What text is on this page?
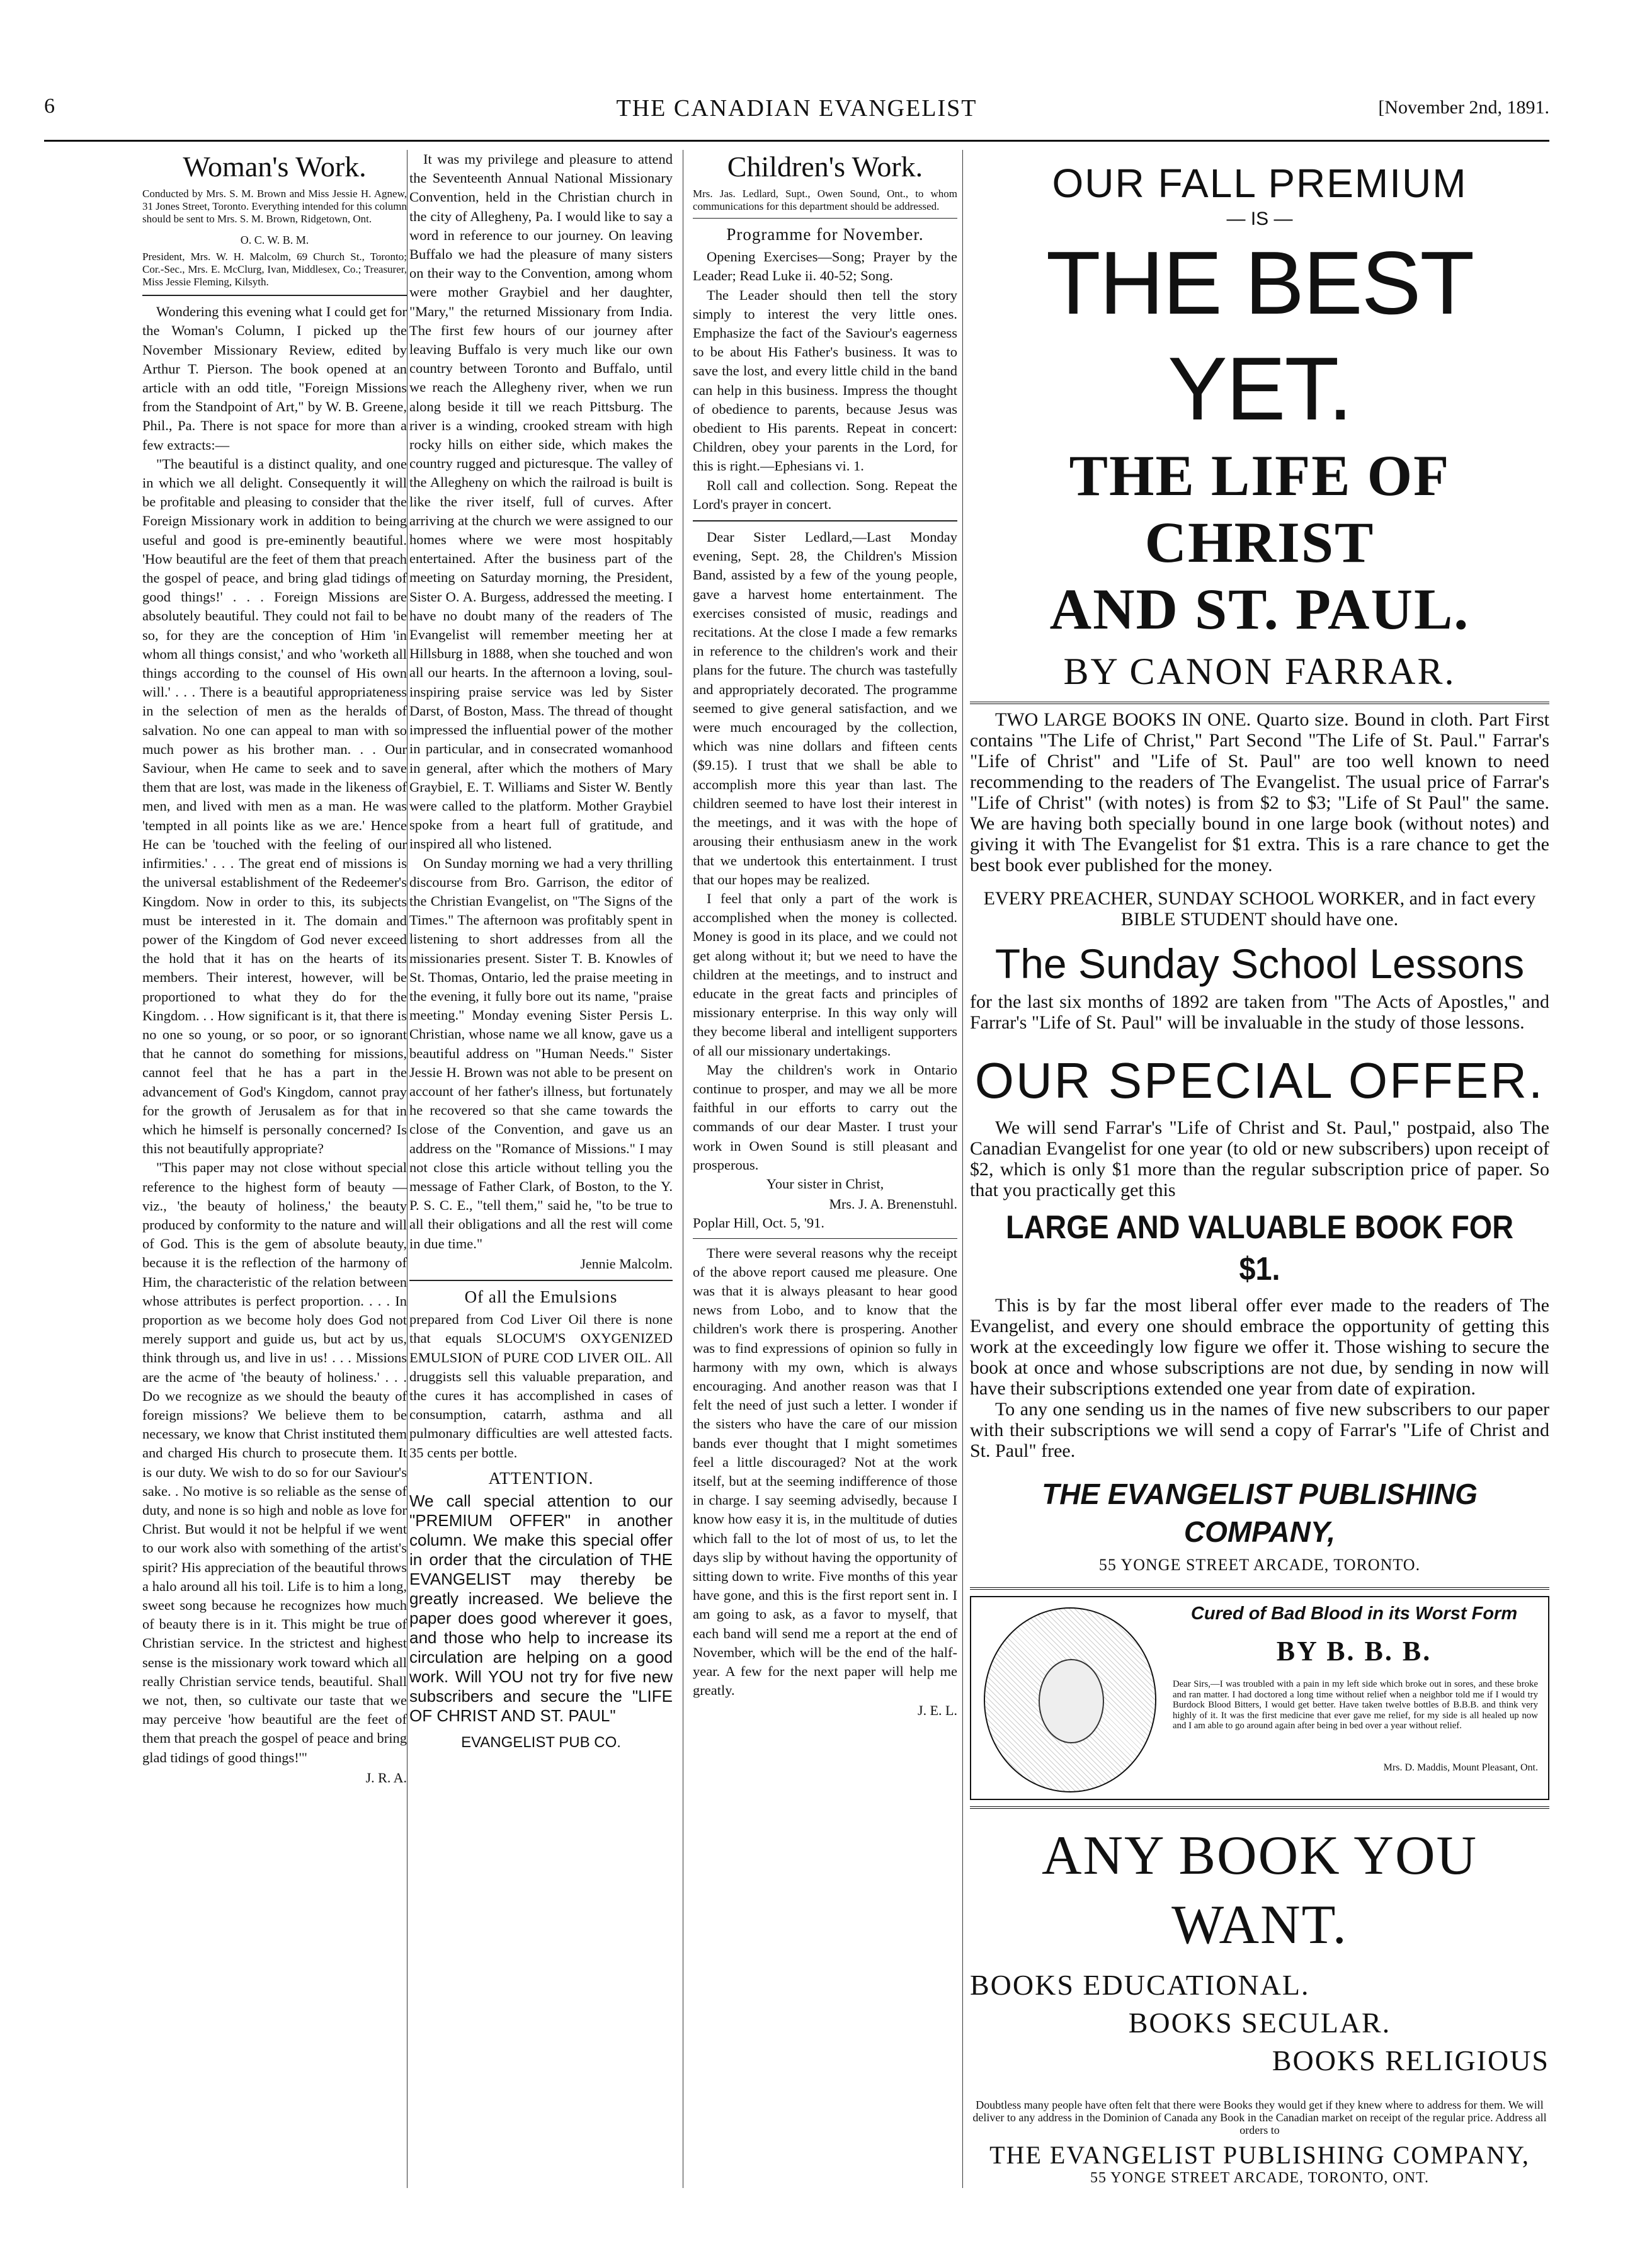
6	THE CANADIAN EVANGELIST	[November 2nd, 1891.
Woman's Work.
Conducted by Mrs. S. M. Brown and Miss Jessie H. Agnew, 31 Jones Street, Toronto. Everything intended for this column should be sent to Mrs. S. M. Brown, Ridgetown, Ont.
O. C. W. B. M.
President, Mrs. W. H. Malcolm, 69 Church St., Toronto; Cor.-Sec., Mrs. E. McClurg, Ivan, Middlesex, Co.; Treasurer, Miss Jessie Fleming, Kilsyth.

Wondering this evening what I could get for the Woman's Column, I picked up the November Missionary Review, edited by Arthur T. Pierson. The book opened at an article with an odd title, "Foreign Missions from the Standpoint of Art," by W. B. Greene, Phil., Pa. There is not space for more than a few extracts:—

"The beautiful is a distinct quality, and one in which we all delight. Consequently it will be profitable and pleasing to consider that the Foreign Missionary work in addition to being useful and good is pre-eminently beautiful. 'How beautiful are the feet of them that preach the gospel of peace, and bring glad tidings of good things!' . . . Foreign Missions are absolutely beautiful. They could not fail to be so, for they are the conception of Him 'in whom all things consist,' and who 'worketh all things according to the counsel of His own will.' . . . There is a beautiful appropriateness in the selection of men as the heralds of salvation. No one can appeal to man with so much power as his brother man. . . Our Saviour, when He came to seek and to save them that are lost, was made in the likeness of men, and lived with men as a man. He was 'tempted in all points like as we are.' Hence He can be 'touched with the feeling of our infirmities.' . . . The great end of missions is the universal establishment of the Redeemer's Kingdom. Now in order to this, its subjects must be interested in it. The domain and power of the Kingdom of God never exceed the hold that it has on the hearts of its members. Their interest, however, will be proportioned to what they do for the Kingdom. . . How significant is it, that there is no one so young, or so poor, or so ignorant that he cannot do something for missions, cannot feel that he has a part in the advancement of God's Kingdom, cannot pray for the growth of Jerusalem as for that in which he himself is personally concerned? Is this not beautifully appropriate?

"This paper may not close without special reference to the highest form of beauty — viz., 'the beauty of holiness,' the beauty produced by conformity to the nature and will of God. This is the gem of absolute beauty, because it is the reflection of the harmony of Him, the characteristic of the relation between whose attributes is perfect proportion. . . . In proportion as we become holy does God not merely support and guide us, but act by us, think through us, and live in us! . . . Missions are the acme of 'the beauty of holiness.' . . . Do we recognize as we should the beauty of foreign missions? We believe them to be necessary, we know that Christ instituted them and charged His church to prosecute them. It is our duty. We wish to do so for our Saviour's sake. . No motive is so reliable as the sense of duty, and none is so high and noble as love for Christ. But would it not be helpful if we went to our work also with something of the artist's spirit? His appreciation of the beautiful throws a halo around all his toil. Life is to him a long, sweet song because he recognizes how much of beauty there is in it. This might be true of Christian service. In the strictest and highest sense is the missionary work toward which all really Christian service tends, beautiful. Shall we not, then, so cultivate our taste that we may perceive 'how beautiful are the feet of them that preach the gospel of peace and bring glad tidings of good things!'"

J. R. A.

It was my privilege and pleasure to attend the Seventeenth Annual National Missionary Convention, held in the Christian church in the city of Allegheny, Pa. I would like to say a word in reference to our journey. On leaving Buffalo we had the pleasure of many sisters on their way to the Convention, among whom were mother Graybiel and her daughter, "Mary," the returned Missionary from India. The first few hours of our journey after leaving Buffalo is very much like our own country between Toronto and Buffalo, until we reach the Allegheny river, when we run along beside it till we reach Pittsburg. The river is a winding, crooked stream with high rocky hills on either side, which makes the country rugged and picturesque. The valley of the Allegheny on which the railroad is built is like the river itself, full of curves. After arriving at the church we were assigned to our homes where we were most hospitably entertained. After the business part of the meeting on Saturday morning, the President, Sister O. A. Burgess, addressed the meeting. I have no doubt many of the readers of The Evangelist will remember meeting her at Hillsburg in 1888, when she touched and won all our hearts. In the afternoon a loving, soul-inspiring praise service was led by Sister Darst, of Boston, Mass. The thread of thought impressed the influential power of the mother in particular, and in consecrated womanhood in general, after which the mothers of Mary Graybiel, E. T. Williams and Sister W. Bently were called to the platform. Mother Graybiel spoke from a heart full of gratitude, and inspired all who listened.

On Sunday morning we had a very thrilling discourse from Bro. Garrison, the editor of the Christian Evangelist, on "The Signs of the Times." The afternoon was profitably spent in listening to short addresses from all the missionaries present. Sister T. B. Knowles of St. Thomas, Ontario, led the praise meeting in the evening, it fully bore out its name, "praise meeting." Monday evening Sister Persis L. Christian, whose name we all know, gave us a beautiful address on "Human Needs." Sister Jessie H. Brown was not able to be present on account of her father's illness, but fortunately he recovered so that she came towards the close of the Convention, and gave us an address on the "Romance of Missions." I may not close this article without telling you the message of Father Clark, of Boston, to the Y. P. S. C. E., "tell them," said he, "to be true to all their obligations and all the rest will come in due time."

Jennie Malcolm.
Of all the Emulsions

prepared from Cod Liver Oil there is none that equals SLOCUM'S OXYGENIZED EMULSION of PURE COD LIVER OIL. All druggists sell this valuable preparation, and the cures it has accomplished in cases of consumption, catarrh, asthma and all pulmonary difficulties are well attested facts. 35 cents per bottle.

ATTENTION.
We call special attention to our "PREMIUM OFFER" in another column. We make this special offer in order that the circulation of THE EVANGELIST may thereby be greatly increased. We believe the paper does good wherever it goes, and those who help to increase its circulation are helping on a good work. Will YOU not try for five new subscribers and secure the "LIFE OF CHRIST AND ST. PAUL"
EVANGELIST PUB CO.
Children's Work.
Mrs. Jas. Ledlard, Supt., Owen Sound, Ont., to whom communications for this department should be addressed.
Programme for November.

Opening Exercises—Song; Prayer by the Leader; Read Luke ii. 40-52; Song.

The Leader should then tell the story simply to interest the very little ones. Emphasize the fact of the Saviour's eagerness to be about His Father's business. It was to save the lost, and every little child in the band can help in this business. Impress the thought of obedience to parents, because Jesus was obedient to His parents. Repeat in concert: Children, obey your parents in the Lord, for this is right.—Ephesians vi. 1.

Roll call and collection. Song. Repeat the Lord's prayer in concert.

Dear Sister Ledlard,—Last Monday evening, Sept. 28, the Children's Mission Band, assisted by a few of the young people, gave a harvest home entertainment. The exercises consisted of music, readings and recitations. At the close I made a few remarks in reference to the children's work and their plans for the future. The church was tastefully and appropriately decorated. The programme seemed to give general satisfaction, and we were much encouraged by the collection, which was nine dollars and fifteen cents ($9.15). I trust that we shall be able to accomplish more this year than last. The children seemed to have lost their interest in the meetings, and it was with the hope of arousing their enthusiasm anew in the work that we undertook this entertainment. I trust that our hopes may be realized.

I feel that only a part of the work is accomplished when the money is collected. Money is good in its place, and we could not get along without it; but we need to have the children at the meetings, and to instruct and educate in the great facts and principles of missionary enterprise. In this way only will they become liberal and intelligent supporters of all our missionary undertakings.

May the children's work in Ontario continue to prosper, and may we all be more faithful in our efforts to carry out the commands of our dear Master. I trust your work in Owen Sound is still pleasant and prosperous.

Your sister in Christ,
Mrs. J. A. Brenenstuhl.

Poplar Hill, Oct. 5, '91.

There were several reasons why the receipt of the above report caused me pleasure. One was that it is always pleasant to hear good news from Lobo, and to know that the children's work there is prospering. Another was to find expressions of opinion so fully in harmony with my own, which is always encouraging. And another reason was that I felt the need of just such a letter. I wonder if the sisters who have the care of our mission bands ever thought that I might sometimes feel a little discouraged? Not at the work itself, but at the seeming indifference of those in charge. I say seeming advisedly, because I know how easy it is, in the multitude of duties which fall to the lot of most of us, to let the days slip by without having the opportunity of sitting down to write. Five months of this year have gone, and this is the first report sent in. I am going to ask, as a favor to myself, that each band will send me a report at the end of November, which will be the end of the half-year. A few for the next paper will help me greatly.

J. E. L.
OUR FALL PREMIUM
— IS —
THE BEST YET.
THE LIFE OF CHRIST
AND ST. PAUL.
BY CANON FARRAR.

TWO LARGE BOOKS IN ONE. Quarto size. Bound in cloth. Part First contains "The Life of Christ," Part Second "The Life of St. Paul." Farrar's "Life of Christ" and "Life of St. Paul" are too well known to need recommending to the readers of The Evangelist. The usual price of Farrar's "Life of Christ" (with notes) is from $2 to $3; "Life of St Paul" the same. We are having both specially bound in one large book (without notes) and giving it with The Evangelist for $1 extra. This is a rare chance to get the best book ever published for the money.

EVERY PREACHER, SUNDAY SCHOOL WORKER, and in fact every BIBLE STUDENT should have one.

The Sunday School Lessons

for the last six months of 1892 are taken from "The Acts of Apostles," and Farrar's "Life of St. Paul" will be invaluable in the study of those lessons.

OUR SPECIAL OFFER.

We will send Farrar's "Life of Christ and St. Paul," postpaid, also The Canadian Evangelist for one year (to old or new subscribers) upon receipt of $2, which is only $1 more than the regular subscription price of paper. So that you practically get this

LARGE AND VALUABLE BOOK FOR $1.

This is by far the most liberal offer ever made to the readers of The Evangelist, and every one should embrace the opportunity of getting this work at the exceedingly low figure we offer it. Those wishing to secure the book at once and whose subscriptions are not due, by sending in now will have their subscriptions extended one year from date of expiration.

To any one sending us in the names of five new subscribers to our paper with their subscriptions we will send a copy of Farrar's "Life of Christ and St. Paul" free.

THE EVANGELIST PUBLISHING COMPANY,
55 YONGE STREET ARCADE, TORONTO.
Cured of Bad Blood in its Worst Form
BY B. B. B.
Dear Sirs,—I was troubled with a pain in my left side which broke out in sores, and these broke and ran matter. I had doctored a long time without relief when a neighbor told me if I would try Burdock Blood Bitters, I would get better. Have taken twelve bottles of B.B.B. and think very highly of it. It was the first medicine that ever gave me relief, for my side is all healed up now and I am able to go around again after being in bed over a year without relief.
Mrs. D. Maddis, Mount Pleasant, Ont.
ANY BOOK YOU WANT.
BOOKS EDUCATIONAL.
BOOKS SECULAR.
BOOKS RELIGIOUS
Doubtless many people have often felt that there were Books they would get if they knew where to address for them. We will deliver to any address in the Dominion of Canada any Book in the Canadian market on receipt of the regular price. Address all orders to
THE EVANGELIST PUBLISHING COMPANY,
55 YONGE STREET ARCADE, TORONTO, ONT.
